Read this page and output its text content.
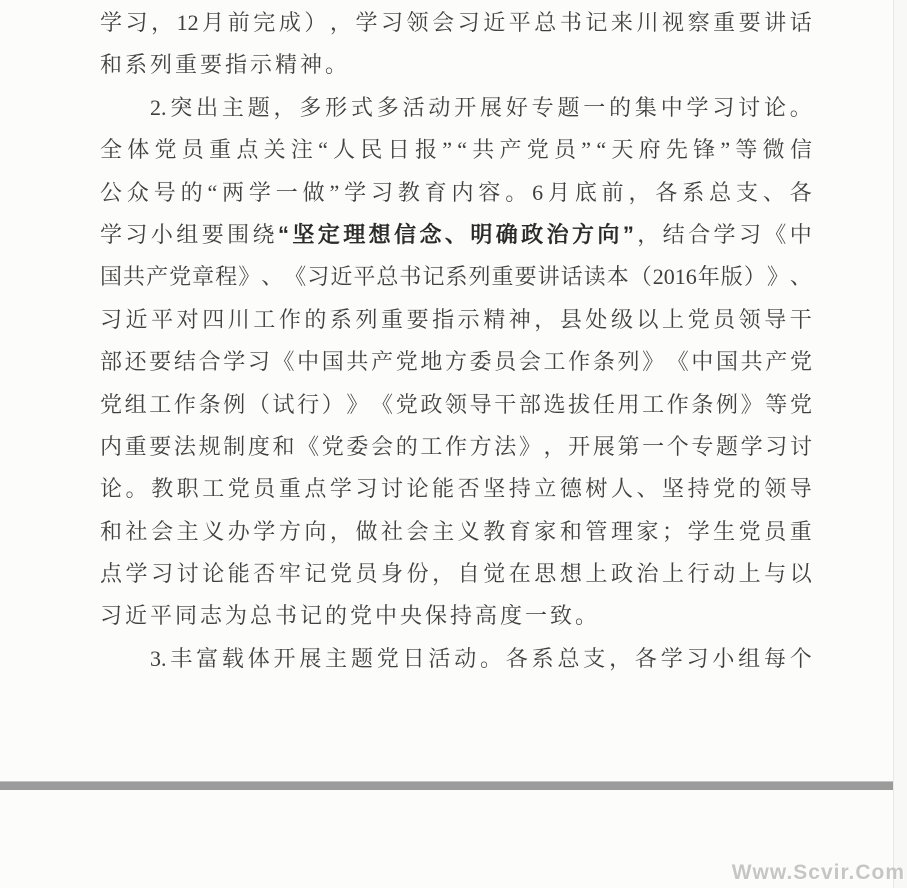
学 习 ， 12 月 前 完 成 ） ， 学 习 领 会 习 近 平 总 书 记 来 川 视 察 重 要 讲 话
和系列重要指示精神。
2. 突 出 主 题 ， 多 形 式 多 活 动 开 展 好 专 题 一 的 集 中 学 习 讨 论 。
全 体 党 员 重 点 关 注 “ 人 民 日 报 ” “ 共 产 党 员 ” “ 天 府 先 锋 ” 等 微 信
公 众 号 的 “ 两 学 一 做 ” 学 习 教 育 内 容 。 6 月 底 前 ， 各 系 总 支 、 各
学 习 小 组 要 围 绕 “ 坚 定 理 想 信 念 、 明 确 政 治 方 向 ” ， 结 合 学 习 《 中
国 共 产 党 章 程 》 、 《 习 近 平 总 书 记 系 列 重 要 讲 话 读 本 （ 2016 年 版 ） 》 、
习 近 平 对 四 川 工 作 的 系 列 重 要 指 示 精 神 ， 县 处 级 以 上 党 员 领 导 干
部 还 要 结 合 学 习 《 中 国 共 产 党 地 方 委 员 会 工 作 条 列 》 《 中 国 共 产 党
党 组 工 作 条 例 （ 试 行 ） 》 《 党 政 领 导 干 部 选 拔 任 用 工 作 条 例 》 等 党
内 重 要 法 规 制 度 和 《 党 委 会 的 工 作 方 法 》 ， 开 展 第 一 个 专 题 学 习 讨
论 。 教 职 工 党 员 重 点 学 习 讨 论 能 否 坚 持 立 德 树 人 、 坚 持 党 的 领 导
和 社 会 主 义 办 学 方 向 ， 做 社 会 主 义 教 育 家 和 管 理 家 ； 学 生 党 员 重
点 学 习 讨 论 能 否 牢 记 党 员 身 份 ， 自 觉 在 思 想 上 政 治 上 行 动 上 与 以
习近平同志为总书记的党中央保持高度一致。
3. 丰 富 载 体 开 展 主 题 党 日 活 动 。 各 系 总 支 ， 各 学 习 小 组 每 个
Www.Scvir.Com
